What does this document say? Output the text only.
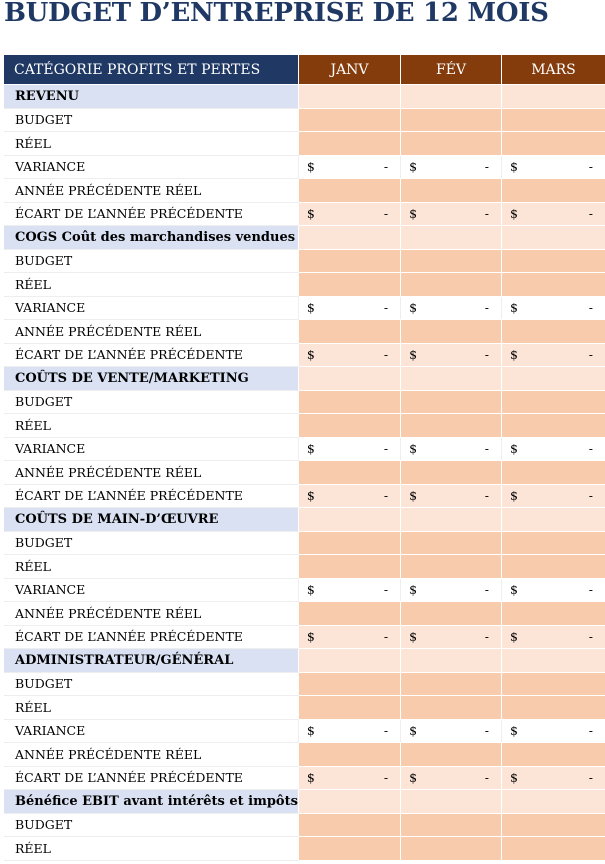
BUDGET D’ENTREPRISE DE 12 MOIS
CATÉGORIE PROFITS ET PERTES	JANV	FÉV	MARS
REVENU			
BUDGET			
RÉEL			
VARIANCE	$ -	$ -	$ -

ANNÉE PRÉCÉDENTE RÉEL			
ÉCART DE L’ANNÉE PRÉCÉDENTE	$ -	$ -	$ -

COGS Coût des marchandises vendues			
BUDGET			
RÉEL			
VARIANCE	$ -	$ -	$ -

ANNÉE PRÉCÉDENTE RÉEL			
ÉCART DE L’ANNÉE PRÉCÉDENTE	$ -	$ -	$ -

COÛTS DE VENTE/MARKETING			
BUDGET			
RÉEL			
VARIANCE	$ -	$ -	$ -

ANNÉE PRÉCÉDENTE RÉEL			
ÉCART DE L’ANNÉE PRÉCÉDENTE	$ -	$ -	$ -

COÛTS DE MAIN-D’ŒUVRE			
BUDGET			
RÉEL			
VARIANCE	$ -	$ -	$ -

ANNÉE PRÉCÉDENTE RÉEL			
ÉCART DE L’ANNÉE PRÉCÉDENTE	$ -	$ -	$ -

ADMINISTRATEUR/GÉNÉRAL			
BUDGET			
RÉEL			
VARIANCE	$ -	$ -	$ -

ANNÉE PRÉCÉDENTE RÉEL			
ÉCART DE L’ANNÉE PRÉCÉDENTE	$ -	$ -	$ -

Bénéfice EBIT avant intérêts et impôts			
BUDGET			
RÉEL			
